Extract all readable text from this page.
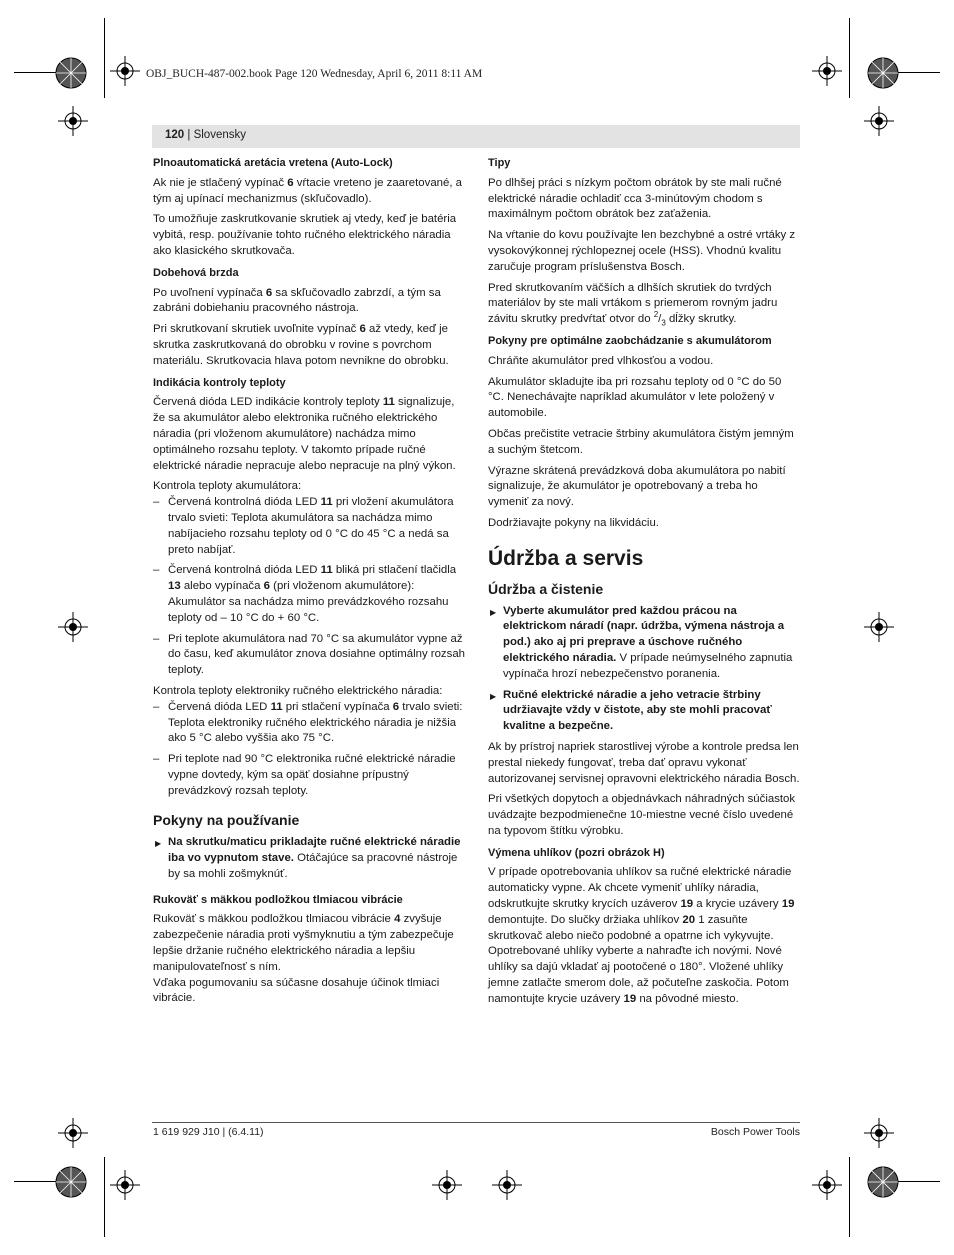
OBJ_BUCH-487-002.book Page 120 Wednesday, April 6, 2011 8:11 AM
120 | Slovensky
Plnoautomatická aretácia vretena (Auto-Lock)

Ak nie je stlačený vypínač 6 vŕtacie vreteno je zaaretované, a tým aj upínací mechanizmus (skľučovadlo).

To umožňuje zaskrutkovanie skrutiek aj vtedy, keď je batéria vybitá, resp. používanie tohto ručného elektrického náradia ako klasického skrutkovača.

Dobehová brzda

Po uvoľnení vypínača 6 sa skľučovadlo zabrzdí, a tým sa zabráni dobiehaniu pracovného nástroja.

Pri skrutkovaní skrutiek uvoľnite vypínač 6 až vtedy, keď je skrutka zaskrutkovaná do obrobku v rovine s povrchom materiálu. Skrutkovacia hlava potom nevnikne do obrobku.

Indikácia kontroly teploty

Červená dióda LED indikácie kontroly teploty 11 signalizuje, že sa akumulátor alebo elektronika ručného elektrického náradia (pri vloženom akumulátore) nachádza mimo optimálneho rozsahu teploty. V takomto prípade ručné elektrické náradie nepracuje alebo nepracuje na plný výkon.

Kontrola teploty akumulátora:

– Červená kontrolná dióda LED 11 pri vložení akumulátora trvalo svieti: Teplota akumulátora sa nachádza mimo nabíjacieho rozsahu teploty od 0 °C do 45 °C a nedá sa preto nabíjať.

– Červená kontrolná dióda LED 11 bliká pri stlačení tlačidla 13 alebo vypínača 6 (pri vloženom akumulátore): Akumulátor sa nachádza mimo prevádzkového rozsahu teploty od – 10 °C do + 60 °C.

– Pri teplote akumulátora nad 70 °C sa akumulátor vypne až do času, keď akumulátor znova dosiahne optimálny rozsah teploty.

Kontrola teploty elektroniky ručného elektrického náradia:

– Červená dióda LED 11 pri stlačení vypínača 6 trvalo svieti: Teplota elektroniky ručného elektrického náradia je nižšia ako 5 °C alebo vyššia ako 75 °C.

– Pri teplote nad 90 °C elektronika ručné elektrické náradie vypne dovtedy, kým sa opäť dosiahne prípustný prevádzkový rozsah teploty.

Pokyny na používanie

▶ Na skrutku/maticu prikladajte ručné elektrické náradie iba vo vypnutom stave. Otáčajúce sa pracovné nástroje by sa mohli zošmyknúť.

Rukoväť s mäkkou podložkou tlmiacou vibrácie

Rukoväť s mäkkou podložkou tlmiacou vibrácie 4 zvyšuje zabezpečenie náradia proti vyšmyknutiu a tým zabezpečuje lepšie držanie ručného elektrického náradia a lepšiu manipulovateľnosť s ním.

Vďaka pogumovaniu sa súčasne dosahuje účinok tlmiaci vibrácie.

Tipy

Po dlhšej práci s nízkym počtom obrátok by ste mali ručné elektrické náradie ochladiť cca 3-minútovým chodom s maximálnym počtom obrátok bez zaťaženia.

Na vŕtanie do kovu používajte len bezchybné a ostré vrtáky z vysokovýkonnej rýchlореznej ocele (HSS). Vhodnú kvalitu zaručuje program príslušenstva Bosch.

Pred skrutkovaním väčších a dlhších skrutiek do tvrdých materiálov by ste mali vrtákom s priemerom rovným jadru závitu skrutky predvŕtať otvor do $^2/_3$ dĺžky skrutky.

Pokyny pre optimálne zaobchádzanie s akumulátorom

Chráňte akumulátor pred vlhkosťou a vodou.

Akumulátor skladujte iba pri rozsahu teploty od 0 °C do 50 °C. Nenechávajte napríklad akumulátor v lete položený v automobile.

Občas prečistite vetracie štrbiny akumulátora čistým jemným a suchým štetcom.

Výrazne skrátená prevádzková doba akumulátora po nabití signalizuje, že akumulátor je opotrebovaný a treba ho vymeniť za nový.

Dodržiavajte pokyny na likvidáciu.

Údržba a servis
Údržba a čistenie

▶ Vyberte akumulátor pred každou prácou na elektrickom náradí (napr. údržba, výmena nástroja a pod.) ako aj pri preprave a úschove ručného elektrického náradia. V prípade neúmyselného zapnutia vypínača hrozí nebezpečenstvo poranenia.

▶ Ručné elektrické náradie a jeho vetracie štrbiny udržiavajte vždy v čistote, aby ste mohli pracovať kvalitne a bezpečne.

Ak by prístroj napriek starostlivej výrobe a kontrole predsa len prestal niekedy fungovať, treba dať opravu vykonať autorizovanej servisnej opravovni elektrického náradia Bosch.

Pri všetkých dopytoch a objednávkach náhradných súčiastok uvádzajte bezpodmienečne 10-miestne vecné číslo uvedené na typovom štítku výrobku.

Výmena uhlíkov (pozri obrázok H)

V prípade opotrebovania uhlíkov sa ručné elektrické náradie automaticky vypne. Ak chcete vymeniť uhlíky náradia, odskrutkujte skrutky krycích uzáverov 19 a krycie uzávery 19 demontujte. Do slučky držiaka uhlíkov 20 1 zasuňte skrutkovač alebo niečo podobné a opatrne ich vykyvujte. Opotrebované uhlíky vyberte a nahraďte ich novými. Nové uhlíky sa dajú vkladať aj pootočené o 180°. Vložené uhlíky jemne zatlačte smerom dole, až počuteľne zaskočia. Potom namontujte krycie uzávery 19 na pôvodné miesto.

1 619 929 J10 | (6.4.11)	Bosch Power Tools
